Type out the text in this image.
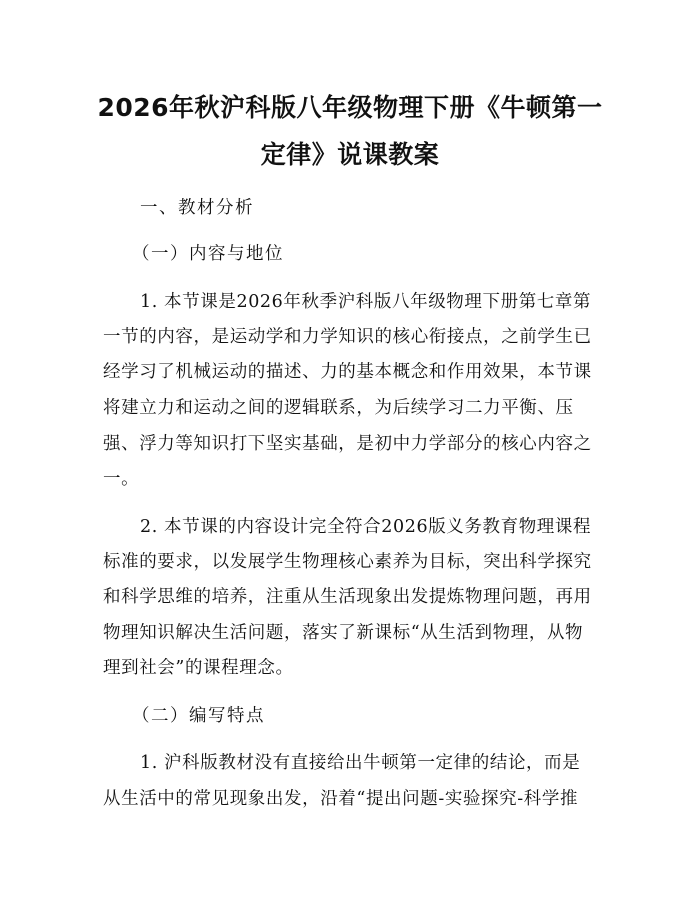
2026年秋沪科版八年级物理下册《牛顿第一
定律》说课教案
一、教材分析
（一）内容与地位
1. 本节课是2026年秋季沪科版八年级物理下册第七章第
一节的内容，是运动学和力学知识的核心衔接点，之前学生已
经学习了机械运动的描述、力的基本概念和作用效果，本节课
将建立力和运动之间的逻辑联系，为后续学习二力平衡、压
强、浮力等知识打下坚实基础，是初中力学部分的核心内容之
一。
2. 本节课的内容设计完全符合2026版义务教育物理课程
标准的要求，以发展学生物理核心素养为目标，突出科学探究
和科学思维的培养，注重从生活现象出发提炼物理问题，再用
物理知识解决生活问题，落实了新课标“从生活到物理，从物
理到社会”的课程理念。
（二）编写特点
1. 沪科版教材没有直接给出牛顿第一定律的结论，而是
从生活中的常见现象出发，沿着“提出问题-实验探究-科学推
